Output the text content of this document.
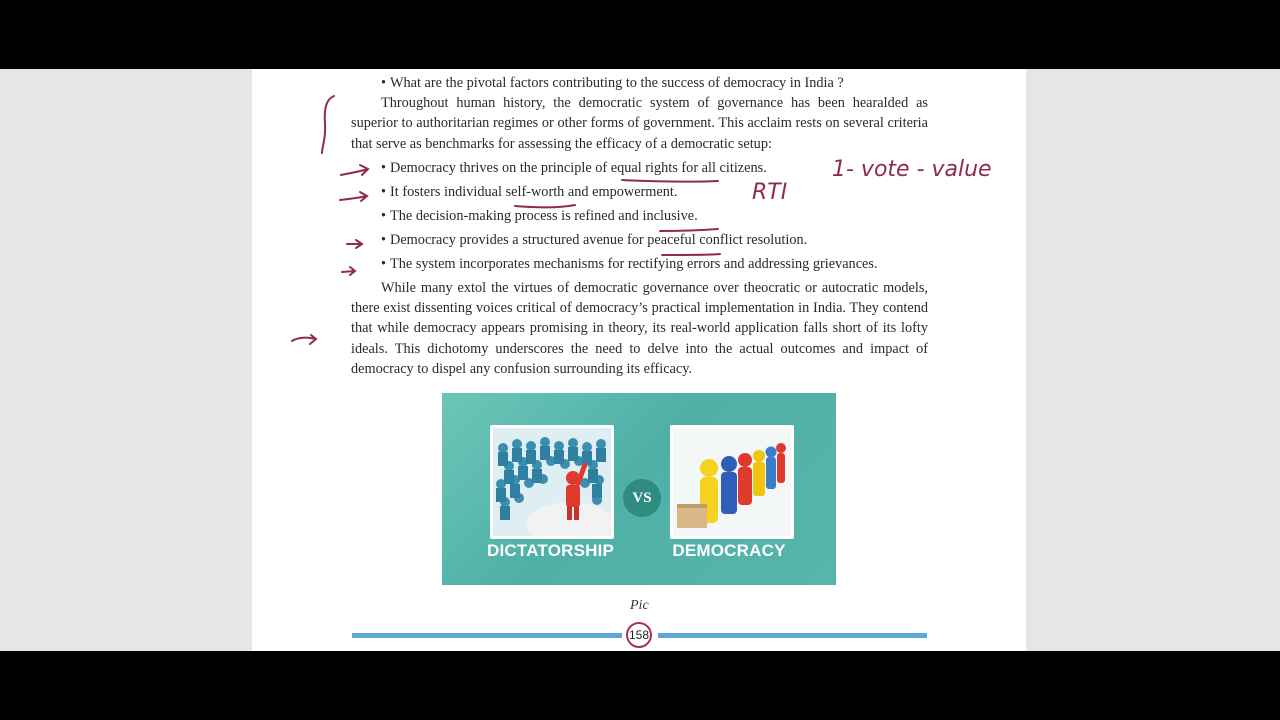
• What are the pivotal factors contributing to the success of democracy in India ?

Throughout human history, the democratic system of governance has been hearalded as superior to authoritarian regimes or other forms of government. This acclaim rests on several criteria that serve as benchmarks for assessing the efficacy of a democratic setup:

• Democracy thrives on the principle of equal rights for all citizens.

• It fosters individual self-worth and empowerment.

• The decision-making process is refined and inclusive.

• Democracy provides a structured avenue for peaceful conflict resolution.

• The system incorporates mechanisms for rectifying errors and addressing grievances.

While many extol the virtues of democratic governance over theocratic or autocratic models, there exist dissenting voices critical of democracy’s practical implementation in India. They contend that while democracy appears promising in theory, its real-world application falls short of its lofty ideals. This dichotomy underscores the need to delve into the actual outcomes and impact of democracy to dispel any confusion surrounding its efficacy.

DICTATORSHIP
VS
DEMOCRACY
Pic
158
1- vote - value
RTI
